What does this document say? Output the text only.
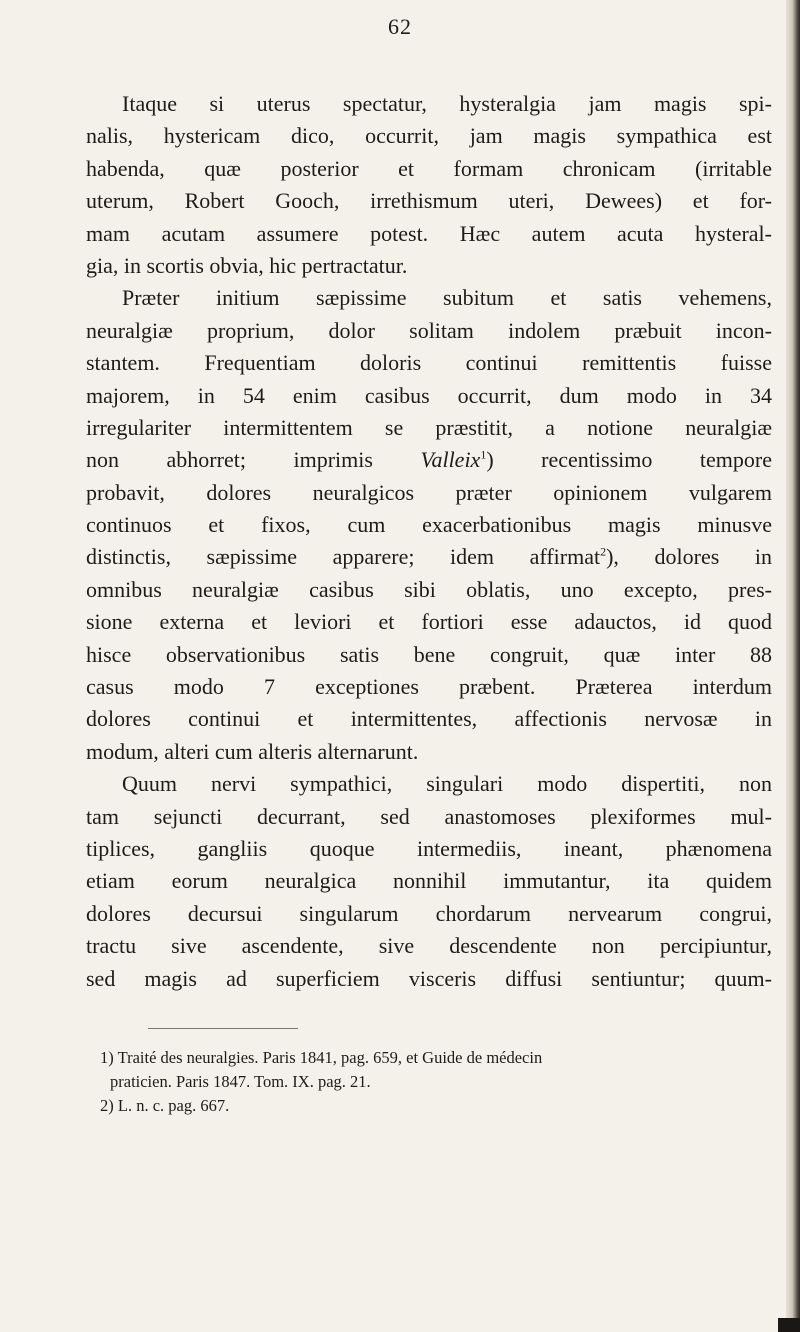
62
Itaque si uterus spectatur, hysteralgia jam magis spi-
nalis, hystericam dico, occurrit, jam magis sympathica est
habenda, quæ posterior et formam chronicam (irritable
uterum, Robert Gooch, irrethismum uteri, Dewees) et for-
mam acutam assumere potest. Hæc autem acuta hysteral-
gia, in scortis obvia, hic pertractatur.
Præter initium sæpissime subitum et satis vehemens,
neuralgiæ proprium, dolor solitam indolem præbuit incon-
stantem. Frequentiam doloris continui remittentis fuisse
majorem, in 54 enim casibus occurrit, dum modo in 34
irregulariter intermittentem se præstitit, a notione neuralgiæ
non abhorret; imprimis Valleix$^1$) recentissimo tempore
probavit, dolores neuralgicos præter opinionem vulgarem
continuos et fixos, cum exacerbationibus magis minusve
distinctis, sæpissime apparere; idem affirmat$^2$), dolores in
omnibus neuralgiæ casibus sibi oblatis, uno excepto, pres-
sione externa et leviori et fortiori esse adauctos, id quod
hisce observationibus satis bene congruit, quæ inter 88
casus modo 7 exceptiones præbent. Præterea interdum
dolores continui et intermittentes, affectionis nervosæ in
modum, alteri cum alteris alternarunt.
Quum nervi sympathici, singulari modo dispertiti, non
tam sejuncti decurrant, sed anastomoses plexiformes mul-
tiplices, gangliis quoque intermediis, ineant, phænomena
etiam eorum neuralgica nonnihil immutantur, ita quidem
dolores decursui singularum chordarum nervearum congrui,
tractu sive ascendente, sive descendente non percipiuntur,
sed magis ad superficiem visceris diffusi sentiuntur; quum-
1) Traité des neuralgies. Paris 1841, pag. 659, et Guide de médecin
praticien. Paris 1847. Tom. IX. pag. 21.
2) L. n. c. pag. 667.
